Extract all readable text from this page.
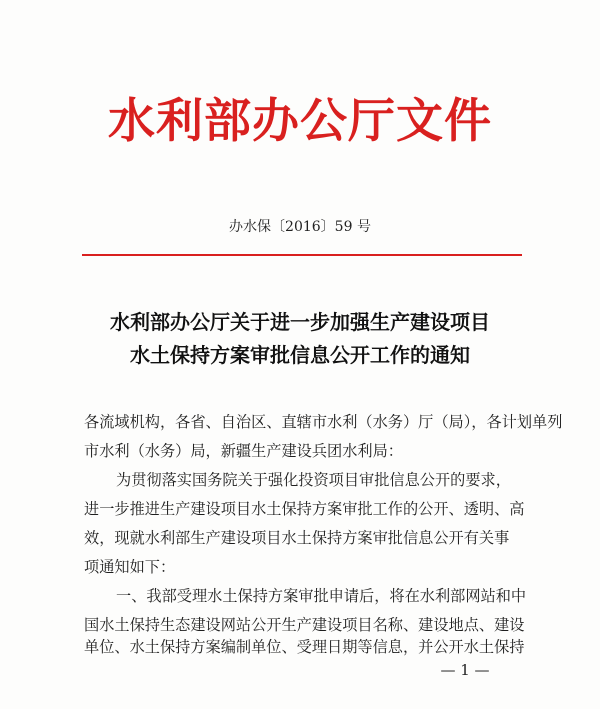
水利部办公厅文件
办水保〔2016〕59 号
水利部办公厅关于进一步加强生产建设项目
水土保持方案审批信息公开工作的通知
各流域机构，各省、自治区、直辖市水利（水务）厅（局），各计划单列
市水利（水务）局，新疆生产建设兵团水利局：
为贯彻落实国务院关于强化投资项目审批信息公开的要求，
进一步推进生产建设项目水土保持方案审批工作的公开、透明、高
效，现就水利部生产建设项目水土保持方案审批信息公开有关事
项通知如下：
一、我部受理水土保持方案审批申请后，将在水利部网站和中
国水土保持生态建设网站公开生产建设项目名称、建设地点、建设
单位、水土保持方案编制单位、受理日期等信息，并公开水土保持
— 1 —
